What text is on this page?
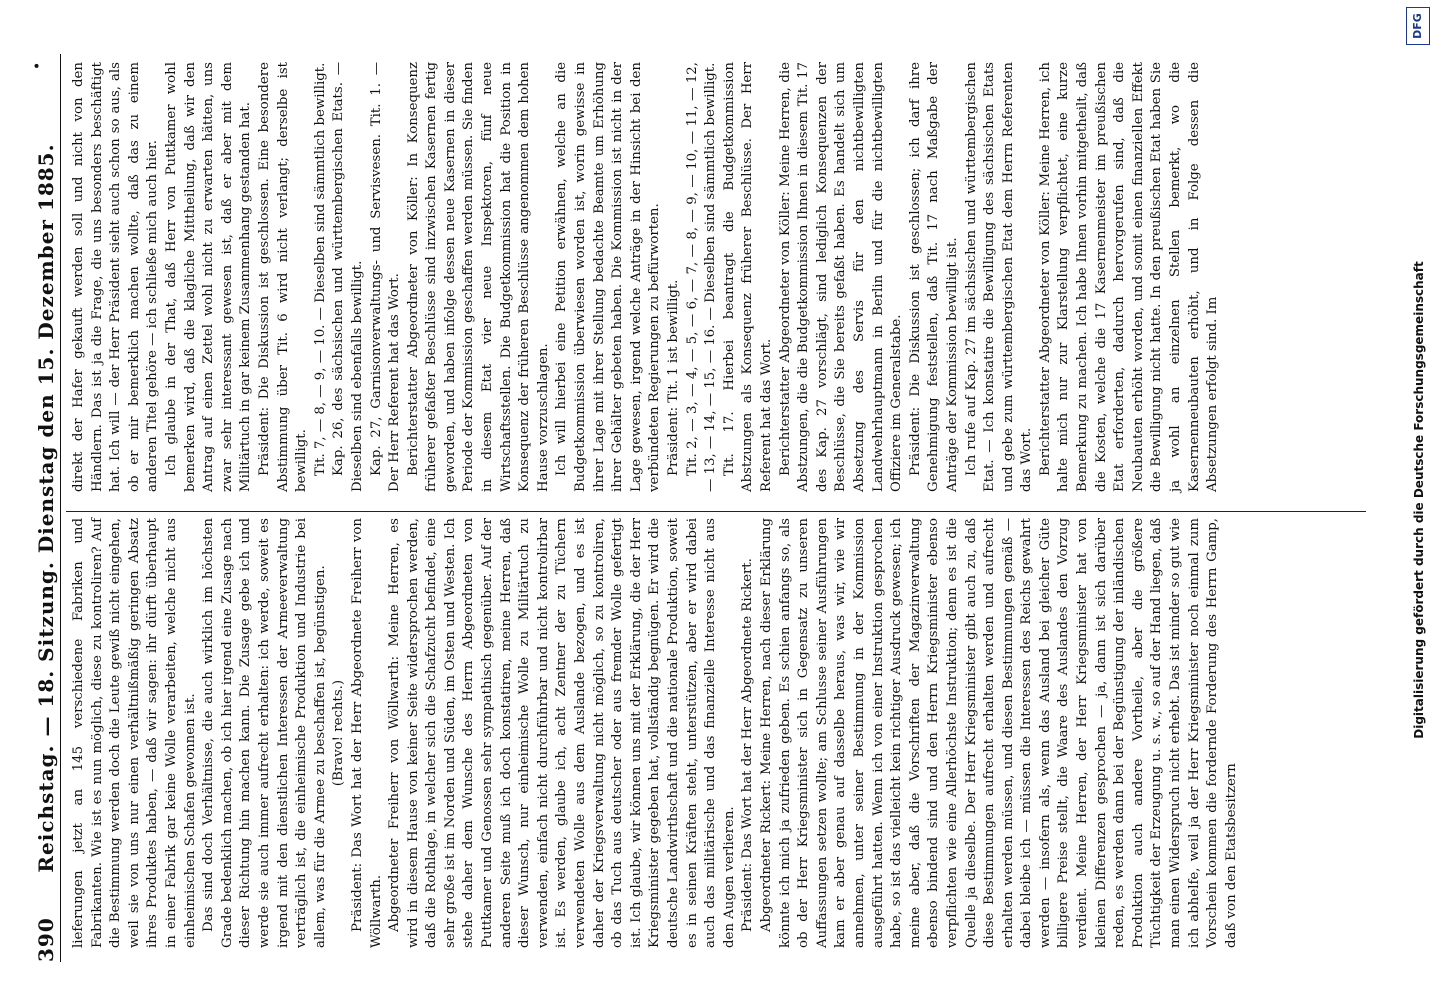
•
390
Reichstag. — 18. Sitzung. Dienstag den 15. Dezember 1885. lieferungen jetzt an 145 verschiedene Fabriken und Fabrikanten. Wie ist es nun möglich, diese zu kontroliren? Auf die Bestimmung werden doch die Leute gewiß nicht eingehen, weil sie von uns nur einen verhältnißmäßig geringen Absatz ihres Produktes haben, — daß wir sagen: ihr dürft überhaupt in einer Fabrik gar keine Wolle verarbeiten, welche nicht aus einheimischen Schafen gewonnen ist. Das sind doch Verhältnisse, die auch wirklich im höchsten Grade bedenklich machen, ob ich hier irgend eine Zusage nach dieser Richtung hin machen kann. Die Zusage gebe ich und werde sie auch immer aufrecht erhalten: ich werde, soweit es irgend mit den dienstlichen Interessen der Armeeverwaltung verträglich ist, die einheimische Produktion und Industrie bei allem, was für die Armee zu beschaffen ist, begünstigen. (Bravo! rechts.) Präsident: Das Wort hat der Herr Abgeordnete Freiherr von Wöllwarth. Abgeordneter Freiherr von Wöllwarth: Meine Herren, es wird in diesem Hause von keiner Seite widersprochen werden, daß die Rothlage, in welcher sich die Schafzucht befindet, eine sehr große ist im Norden und Süden, im Osten und Westen. Ich stehe daher dem Wunsche des Herrn Abgeordneten von Puttkamer und Genossen sehr sympathisch gegenüber. Auf der anderen Seite muß ich doch konstatiren, meine Herren, daß dieser Wunsch, nur einheimische Wolle zu Militärtuch zu verwenden, einfach nicht durchführbar und nicht kontrolirbar ist. Es werden, glaube ich, acht Zentner der zu Tüchern verwendeten Wolle aus dem Auslande bezogen, und es ist daher der Kriegsverwaltung nicht möglich, so zu kontroliren, ob das Tuch aus deutscher oder aus fremder Wolle gefertigt ist. Ich glaube, wir können uns mit der Erklärung, die der Herr Kriegsminister gegeben hat, vollständig begnügen. Er wird die deutsche Landwirthschaft und die nationale Produktion, soweit es in seinen Kräften steht, unterstützen, aber er wird dabei auch das militärische und das finanzielle Interesse nicht aus den Augen verlieren. Präsident: Das Wort hat der Herr Abgeordnete Rickert. Abgeordneter Rickert: Meine Herren, nach dieser Erklärung könnte ich mich ja zufrieden geben. Es schien anfangs so, als ob der Herr Kriegsminister sich in Gegensatz zu unseren Auffassungen setzen wollte; am Schlusse seiner Ausführungen kam er aber genau auf dasselbe heraus, was wir, wie wir annehmen, unter seiner Bestimmung in der Kommission ausgeführt hatten. Wenn ich von einer Instruktion gesprochen habe, so ist das vielleicht kein richtiger Ausdruck gewesen; ich meine aber, daß die Vorschriften der Magazinverwaltung ebenso bindend sind und den Herrn Kriegsminister ebenso verpflichten wie eine Allerhöchste Instruktion; denn es ist die Quelle ja dieselbe. Der Herr Kriegsminister gibt auch zu, daß diese Bestimmungen aufrecht erhalten werden und aufrecht erhalten werden müssen, und diesen Bestimmungen gemäß — dabei bleibe ich — müssen die Interessen des Reichs gewahrt werden — insofern als, wenn das Ausland bei gleicher Güte billigere Preise stellt, die Waare des Auslandes den Vorzug verdient. Meine Herren, der Herr Kriegsminister hat von kleinen Differenzen gesprochen — ja, dann ist sich darüber reden, es werden dann bei der Begünstigung der inländischen Produktion auch andere Vortheile, aber die größere Tüchtigkeit der Erzeugung u. s. w., so auf der Hand liegen, daß man einen Widerspruch nicht erhebt. Das ist minder so gut wie ich abhelfe, weil ja der Herr Kriegsminister noch einmal zum Vorschein kommen die fordernde Forderung des Herrn Gamp, daß von den Etatsbesitzern

direkt der Hafer gekauft werden soll und nicht von den Händlern. Das ist ja die Frage, die uns besonders beschäftigt hat. Ich will — der Herr Präsident sieht auch schon so aus, als ob er mir bemerklich machen wollte, daß das zu einem anderen Titel gehöre — ich schließe mich auch hier. Ich glaube in der That, daß Herr von Puttkamer wohl bemerken wird, daß die klagliche Mittheilung, daß wir den Antrag auf einen Zettel wohl nicht zu erwarten hätten, uns zwar sehr interessant gewesen ist, daß er aber mit dem Militärtuch in gar keinem Zusammenhang gestanden hat. Präsident: Die Diskussion ist geschlossen. Eine besondere Abstimmung über Tit. 6 wird nicht verlangt; derselbe ist bewilligt. Tit. 7, — 8, — 9, — 10. — Dieselben sind sämmtlich bewilligt. Kap. 26, des sächsischen und württembergischen Etats. — Dieselben sind ebenfalls bewilligt. Kap. 27, Garnisonverwaltungs- und Servisvesen. Tit. 1. — Der Herr Referent hat das Wort. Berichterstatter Abgeordneter von Köller: In Konsequenz früherer gefaßter Beschlüsse sind inzwischen Kasernen fertig geworden, und haben infolge dessen neue Kasernen in dieser Periode der Kommission geschaffen werden müssen. Sie finden in diesem Etat vier neue Inspektoren, fünf neue Wirtschaftsstellen. Die Budgetkommission hat die Position in Konsequenz der früheren Beschlüsse angenommen dem hohen Hause vorzuschlagen. Ich will hierbei eine Petition erwähnen, welche an die Budgetkommission überwiesen worden ist, worin gewisse in ihrer Lage mit ihrer Stellung bedachte Beamte um Erhöhung ihrer Gehälter gebeten haben. Die Kommission ist nicht in der Lage gewesen, irgend welche Anträge in der Hinsicht bei den verbündeten Regierungen zu befürworten. Präsident: Tit. 1 ist bewilligt. Tit. 2, — 3, — 4, — 5, — 6, — 7, — 8, — 9, — 10, — 11, — 12, — 13, — 14, — 15, — 16. — Dieselben sind sämmtlich bewilligt. Tit. 17. Hierbei beantragt die Budgetkommission Abstzungen als Konsequenz früherer Beschlüsse. Der Herr Referent hat das Wort. Berichterstatter Abgeordneter von Köller: Meine Herren, die Abstzungen, die die Budgetkommission Ihnen in diesem Tit. 17 des Kap. 27 vorschlägt, sind lediglich Konsequenzen der Beschlüsse, die Sie bereits gefaßt haben. Es handelt sich um Absetzung des Servis für den nichtbewilligten Landwehrhauptmann in Berlin und für die nichtbewilligten Offiziere im Generalstabe. Präsident: Die Diskussion ist geschlossen; ich darf ihre Genehmigung feststellen, daß Tit. 17 nach Maßgabe der Anträge der Kommission bewilligt ist. Ich rufe auf Kap. 27 im sächsischen und württembergischen Etat. — Ich konstatire die Bewilligung des sächsischen Etats und gebe zum württembergischen Etat dem Herrn Referenten das Wort. Berichterstatter Abgeordneter von Köller: Meine Herren, ich halte mich nur zur Klarstellung verpflichtet, eine kurze Bemerkung zu machen. Ich habe Ihnen vorhin mitgetheilt, daß die Kosten, welche die 17 Kasernenmeister im preußischen Etat erforderten, dadurch hervorgerufen sind, daß die Neubauten erhöht worden, und somit einen finanziellen Effekt die Bewilligung nicht hatte. In den preußischen Etat haben Sie ja wohl an einzelnen Stellen bemerkt, wo die Kasernenneubauten erhöht, und in Folge dessen die Absetzungen erfolgt sind. Im	Digitalisierung gefördert durch die Deutsche Forschungsgemeinschaft
DFG
